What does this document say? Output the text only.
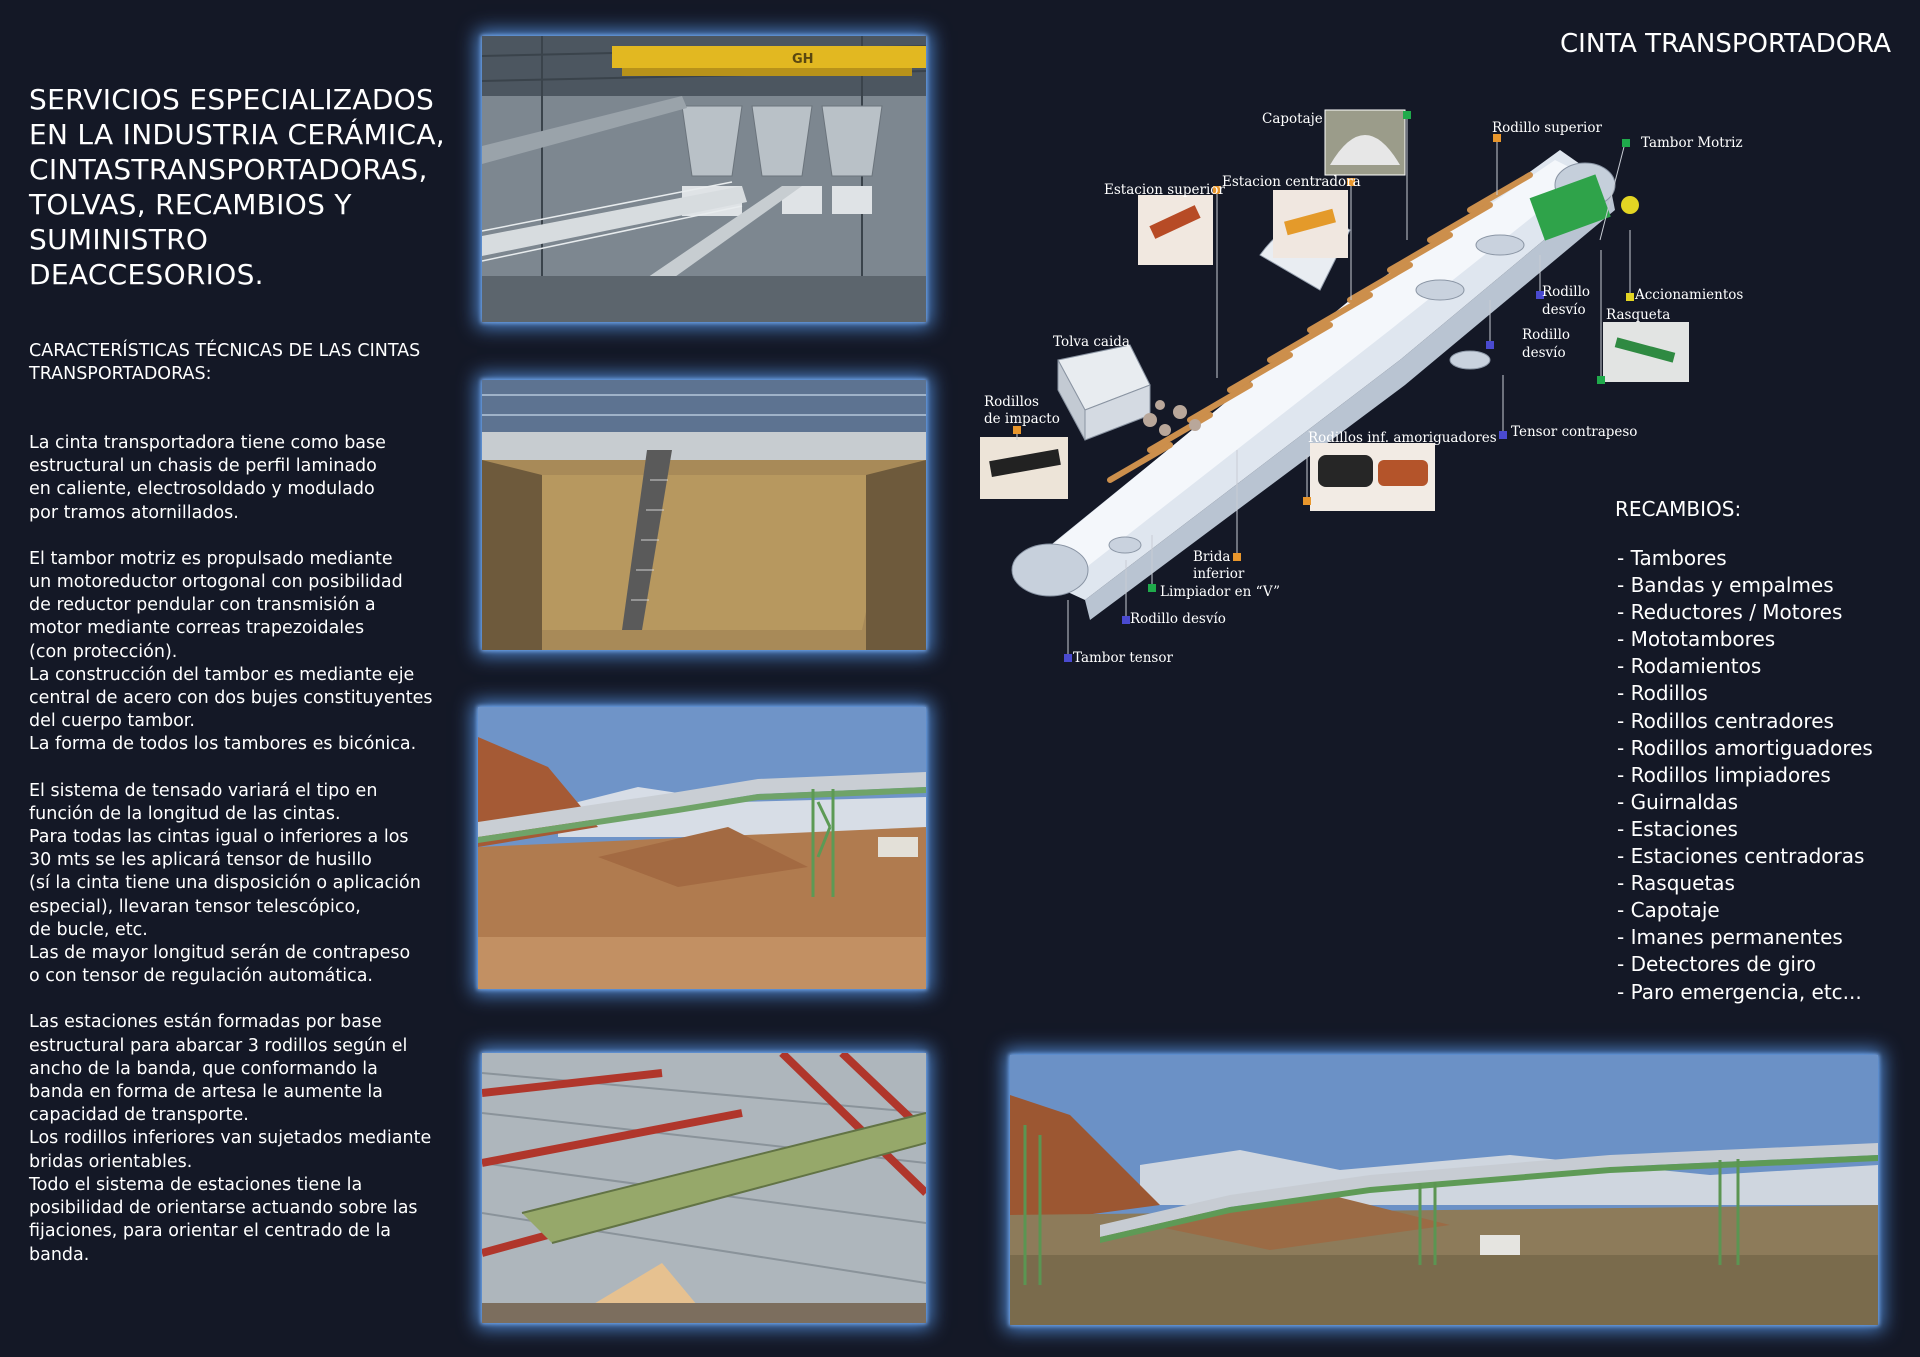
SERVICIOS ESPECIALIZADOS
EN LA INDUSTRIA CERÁMICA,
CINTASTRANSPORTADORAS,
TOLVAS, RECAMBIOS Y
SUMINISTRO DEACCESORIOS.
CARACTERÍSTICAS TÉCNICAS DE LAS CINTAS
TRANSPORTADORAS:

La cinta transportadora tiene como base
estructural un chasis de perfil laminado
en caliente, electrosoldado y modulado
por tramos atornillados.

El tambor motriz es propulsado mediante
un motoreductor ortogonal con posibilidad
de reductor pendular con transmisión a
motor mediante correas trapezoidales
(con protección).
La construcción del tambor es mediante eje
central de acero con dos bujes constituyentes
del cuerpo tambor.
La forma de todos los tambores es bicónica.

El sistema de tensado variará el tipo en
función de la longitud de las cintas.
Para todas las cintas igual o inferiores a los
30 mts se les aplicará tensor de husillo
(sí la cinta tiene una disposición o aplicación
especial), llevaran tensor telescópico,
de bucle, etc.
Las de mayor longitud serán de contrapeso
o con tensor de regulación automática.

Las estaciones están formadas por base
estructural para abarcar 3 rodillos según el
ancho de la banda, que conformando la
banda en forma de artesa le aumente la
capacidad de transporte.
Los rodillos inferiores van sujetados mediante
bridas orientables.
Todo el sistema de estaciones tiene la
posibilidad de orientarse actuando sobre las
fijaciones, para orientar el centrado de la
banda.

GH
CINTA TRANSPORTADORA
Capotaje
Rodillo superior
Tambor Motriz
Estacion superior
Estacion centradora
Rodillo
desvío
Accionamientos
Rasqueta
Rodillo
desvío
Tolva caida
Rodillos
de impacto
Tensor contrapeso
Rodillos inf. amoriguadores
Brida
inferior
Limpiador en “V”
Rodillo desvío
Tambor tensor
RECAMBIOS:
- Tambores
- Bandas y empalmes
- Reductores / Motores
- Mototambores
- Rodamientos
- Rodillos
- Rodillos centradores
- Rodillos amortiguadores
- Rodillos limpiadores
- Guirnaldas
- Estaciones
- Estaciones centradoras
- Rasquetas
- Capotaje
- Imanes permanentes
- Detectores de giro
- Paro emergencia, etc...
